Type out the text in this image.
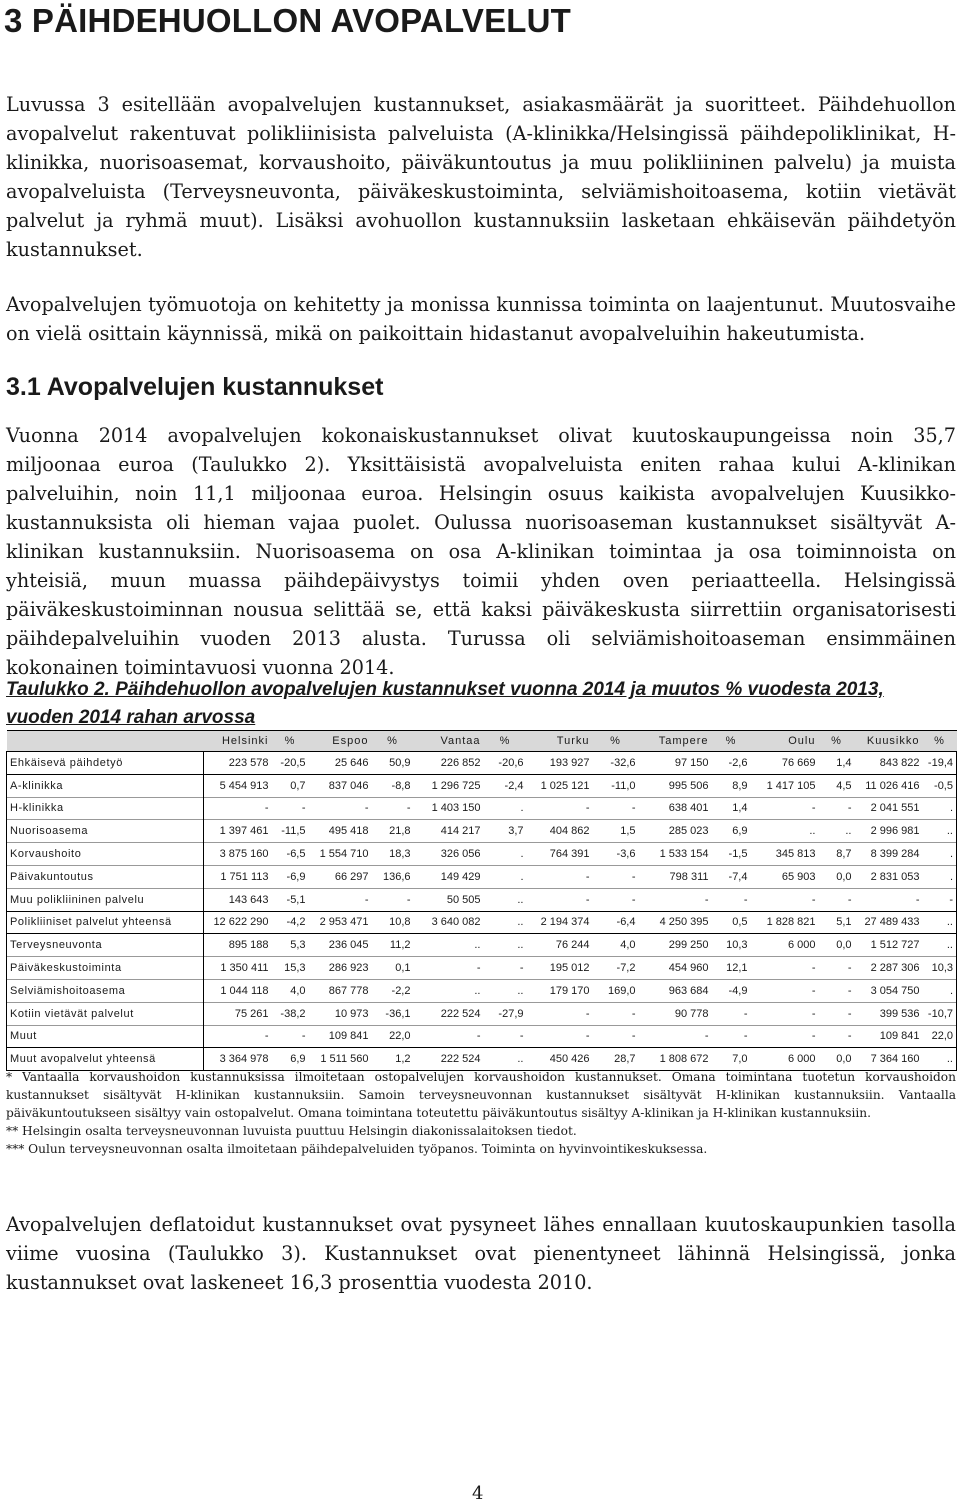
3 PÄIHDEHUOLLON AVOPALVELUT

Luvussa 3 esitellään avopalvelujen kustannukset, asiakasmäärät ja suoritteet. Päihdehuollon avopalvelut rakentuvat polikliinisista palveluista (A-klinikka/Helsingissä päihdepoliklinikat, H-klinikka, nuorisoasemat, korvaushoito, päiväkuntoutus ja muu polikliininen palvelu) ja muista avopalveluista (Terveysneuvonta, päiväkeskustoiminta, selviämishoitoasema, kotiin vietävät palvelut ja ryhmä muut). Lisäksi avohuollon kustannuksiin lasketaan ehkäisevän päihdetyön kustannukset.

Avopalvelujen työmuotoja on kehitetty ja monissa kunnissa toiminta on laajentunut. Muutosvaihe on vielä osittain käynnissä, mikä on paikoittain hidastanut avopalveluihin hakeutumista.

3.1 Avopalvelujen kustannukset

Vuonna 2014 avopalvelujen kokonaiskustannukset olivat kuutoskaupungeissa noin 35,7 miljoonaa euroa (Taulukko 2). Yksittäisistä avopalveluista eniten rahaa kului A-klinikan palveluihin, noin 11,1 miljoonaa euroa. Helsingin osuus kaikista avopalvelujen Kuusikko-kustannuksista oli hieman vajaa puolet. Oulussa nuorisoaseman kustannukset sisältyvät A-klinikan kustannuksiin. Nuorisoasema on osa A-klinikan toimintaa ja osa toiminnoista on yhteisiä, muun muassa päihdepäivystys toimii yhden oven periaatteella. Helsingissä päiväkeskustoiminnan nousua selittää se, että kaksi päiväkeskusta siirrettiin organisatorisesti päihdepalveluihin vuoden 2013 alusta. Turussa oli selviämishoitoaseman ensimmäinen kokonainen toimintavuosi vuonna 2014.

Taulukko 2. Päihdehuollon avopalvelujen kustannukset vuonna 2014 ja muutos % vuodesta 2013, vuoden 2014 rahan arvossa

	Helsinki	%	Espoo	%	Vantaa	%	Turku	%	Tampere	%	Oulu	%	Kuusikko	%
Ehkäisevä päihdetyö	223 578	-20,5	25 646	50,9	226 852	-20,6	193 927	-32,6	97 150	-2,6	76 669	1,4	843 822	-19,4
A-klinikka	5 454 913	0,7	837 046	-8,8	1 296 725	-2,4	1 025 121	-11,0	995 506	8,9	1 417 105	4,5	11 026 416	-0,5
H-klinikka	-	-	-	-	1 403 150	.	-	-	638 401	1,4	-	-	2 041 551	.
Nuorisoasema	1 397 461	-11,5	495 418	21,8	414 217	3,7	404 862	1,5	285 023	6,9	..	..	2 996 981	..
Korvaushoito	3 875 160	-6,5	1 554 710	18,3	326 056	.	764 391	-3,6	1 533 154	-1,5	345 813	8,7	8 399 284	.
Päivakuntoutus	1 751 113	-6,9	66 297	136,6	149 429	.	-	-	798 311	-7,4	65 903	0,0	2 831 053	.
Muu polikliininen palvelu	143 643	-5,1	-	-	50 505	..	-	-	-	-	-	-	-	-
Polikliiniset palvelut yhteensä	12 622 290	-4,2	2 953 471	10,8	3 640 082	..	2 194 374	-6,4	4 250 395	0,5	1 828 821	5,1	27 489 433	..
Terveysneuvonta	895 188	5,3	236 045	11,2	..	..	76 244	4,0	299 250	10,3	6 000	0,0	1 512 727	..
Päiväkeskustoiminta	1 350 411	15,3	286 923	0,1	-	-	195 012	-7,2	454 960	12,1	-	-	2 287 306	10,3
Selviämishoitoasema	1 044 118	4,0	867 778	-2,2	..	..	179 170	169,0	963 684	-4,9	-	-	3 054 750	.
Kotiin vietävät palvelut	75 261	-38,2	10 973	-36,1	222 524	-27,9	-	-	90 778	-	-	-	399 536	-10,7
Muut	-	-	109 841	22,0	-	-	-	-	-	-	-	-	109 841	22,0
Muut avopalvelut yhteensä	3 364 978	6,9	1 511 560	1,2	222 524	..	450 426	28,7	1 808 672	7,0	6 000	0,0	7 364 160	..
* Vantaalla korvaushoidon kustannuksissa ilmoitetaan ostopalvelujen korvaushoidon kustannukset. Omana toimintana tuotetun korvaushoidon kustannukset sisältyvät H-klinikan kustannuksiin. Samoin terveysneuvonnan kustannukset sisältyvät H-klinikan kustannuksiin. Vantaalla päiväkuntoutukseen sisältyy vain ostopalvelut. Omana toimintana toteutettu päiväkuntoutus sisältyy A-klinikan ja H-klinikan kustannuksiin.
** Helsingin osalta terveysneuvonnan luvuista puuttuu Helsingin diakonissalaitoksen tiedot.
*** Oulun terveysneuvonnan osalta ilmoitetaan päihdepalveluiden työpanos. Toiminta on hyvinvointikeskuksessa.

Avopalvelujen deflatoidut kustannukset ovat pysyneet lähes ennallaan kuutoskaupunkien tasolla viime vuosina (Taulukko 3). Kustannukset ovat pienentyneet lähinnä Helsingissä, jonka kustannukset ovat laskeneet 16,3 prosenttia vuodesta 2010.

4
